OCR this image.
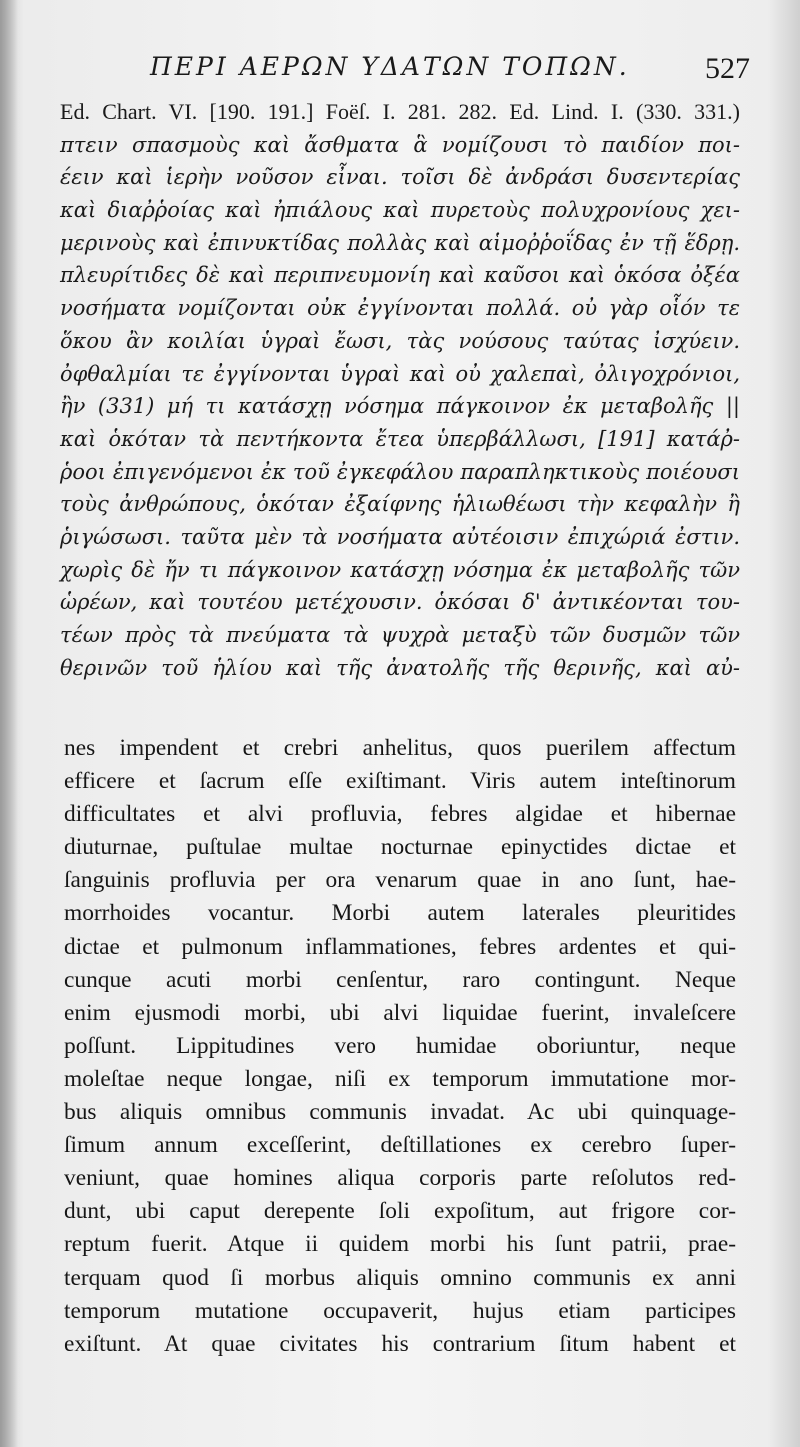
ΠΕΡΙ ΑΕΡΩΝ ΥΔΑΤΩΝ ΤΟΠΩΝ.	527
Ed. Chart. VI. [190. 191.] Foëſ. I. 281. 282. Ed. Lind. I. (330. 331.)
πτειν σπασμοὺς καὶ ἄσθματα ἃ νομίζουσι τὸ παιδίον ποι-
έειν καὶ ἱερὴν νοῦσον εἶναι. τοῖσι δὲ ἀνδράσι δυσεντερίας
καὶ διαῤῥοίας καὶ ἠπιάλους καὶ πυρετοὺς πολυχρονίους χει-
μερινοὺς καὶ ἐπινυκτίδας πολλὰς καὶ αἱμοῤῥοΐδας ἐν τῇ ἕδρῃ.
πλευρίτιδες δὲ καὶ περιπνευμονίη καὶ καῦσοι καὶ ὁκόσα ὀξέα
νοσήματα νομίζονται οὐκ ἐγγίνονται πολλά. οὐ γὰρ οἷόν τε
ὅκου ἂν κοιλίαι ὑγραὶ ἔωσι, τὰς νούσους ταύτας ἰσχύειν.
ὀφθαλμίαι τε ἐγγίνονται ὑγραὶ καὶ οὐ χαλεπαὶ, ὀλιγοχρόνιοι,
ἢν (331) μή τι κατάσχῃ νόσημα πάγκοινον ἐκ μεταβολῆς ||
καὶ ὁκόταν τὰ πεντήκοντα ἔτεα ὑπερβάλλωσι, [191] κατάῤ-
ῥοοι ἐπιγενόμενοι ἐκ τοῦ ἐγκεφάλου παραπληκτικοὺς ποιέουσι
τοὺς ἀνθρώπους, ὁκόταν ἐξαίφνης ἡλιωθέωσι τὴν κεφαλὴν ἢ
ῥιγώσωσι. ταῦτα μὲν τὰ νοσήματα αὐτέοισιν ἐπιχώριά ἐστιν.
χωρὶς δὲ ἤν τι πάγκοινον κατάσχῃ νόσημα ἐκ μεταβολῆς τῶν
ὡρέων, καὶ τουτέου μετέχουσιν. ὁκόσαι δ' ἀντικέονται του-
τέων πρὸς τὰ πνεύματα τὰ ψυχρὰ μεταξὺ τῶν δυσμῶν τῶν
θερινῶν τοῦ ἡλίου καὶ τῆς ἀνατολῆς τῆς θερινῆς, καὶ αὐ-
nes impendent et crebri anhelitus, quos puerilem affectum
efficere et ſacrum eſſe exiſtimant. Viris autem inteſtinorum
difficultates et alvi profluvia, febres algidae et hibernae
diuturnae, puſtulae multae nocturnae epinyctides dictae et
ſanguinis profluvia per ora venarum quae in ano ſunt, hae-
morrhoides vocantur. Morbi autem laterales pleuritides
dictae et pulmonum inflammationes, febres ardentes et qui-
cunque acuti morbi cenſentur, raro contingunt. Neque
enim ejusmodi morbi, ubi alvi liquidae fuerint, invaleſcere
poſſunt. Lippitudines vero humidae oboriuntur, neque
moleſtae neque longae, niſi ex temporum immutatione mor-
bus aliquis omnibus communis invadat. Ac ubi quinquage-
ſimum annum exceſſerint, deſtillationes ex cerebro ſuper-
veniunt, quae homines aliqua corporis parte reſolutos red-
dunt, ubi caput derepente ſoli expoſitum, aut frigore cor-
reptum fuerit. Atque ii quidem morbi his ſunt patrii, prae-
terquam quod ſi morbus aliquis omnino communis ex anni
temporum mutatione occupaverit, hujus etiam participes
exiſtunt. At quae civitates his contrarium ſitum habent et
